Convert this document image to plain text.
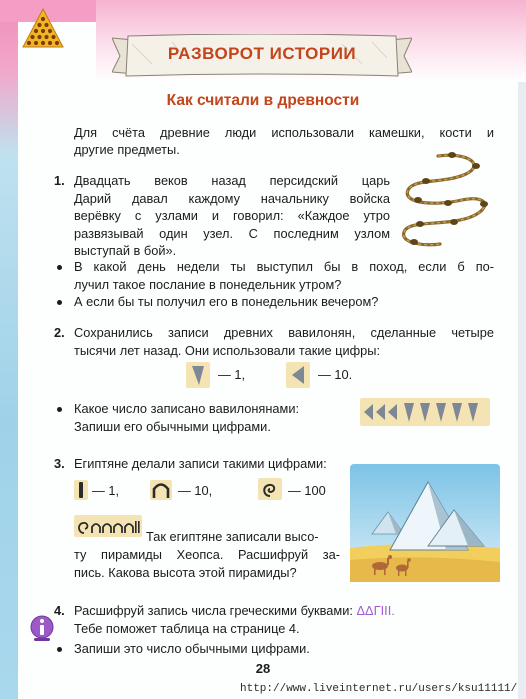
РАЗВОРОТ ИСТОРИИ
Как считали в древности
Для счёта древние люди использовали камешки, кости и
другие предметы.
1. Двадцать веков назад персидский царь
Дарий давал каждому начальнику войска
верёвку с узлами и говорил: «Каждое утро
развязывай один узел. С последним узлом
выступай в бой».
В какой день недели ты выступил бы в поход, если б по-
лучил такое послание в понедельник утром?
А если бы ты получил его в понедельник вечером?
2. Сохранились записи древних вавилонян, сделанные четыре
тысячи лет назад. Они использовали такие цифры:
— 1,	— 10.
Какое число записано вавилонянами:
Запиши его обычными цифрами.
3. Египтяне делали записи такими цифрами:
— 1,	— 10,	— 100
Так египтяне записали высо-
ту пирамиды Хеопса. Расшифруй за-
пись. Какова высота этой пирамиды?
4. Расшифруй запись числа греческими буквами: ΔΔΓIII.
Тебе поможет таблица на странице 4.
Запиши это число обычными цифрами.
28
http://www.liveinternet.ru/users/ksu11111/
